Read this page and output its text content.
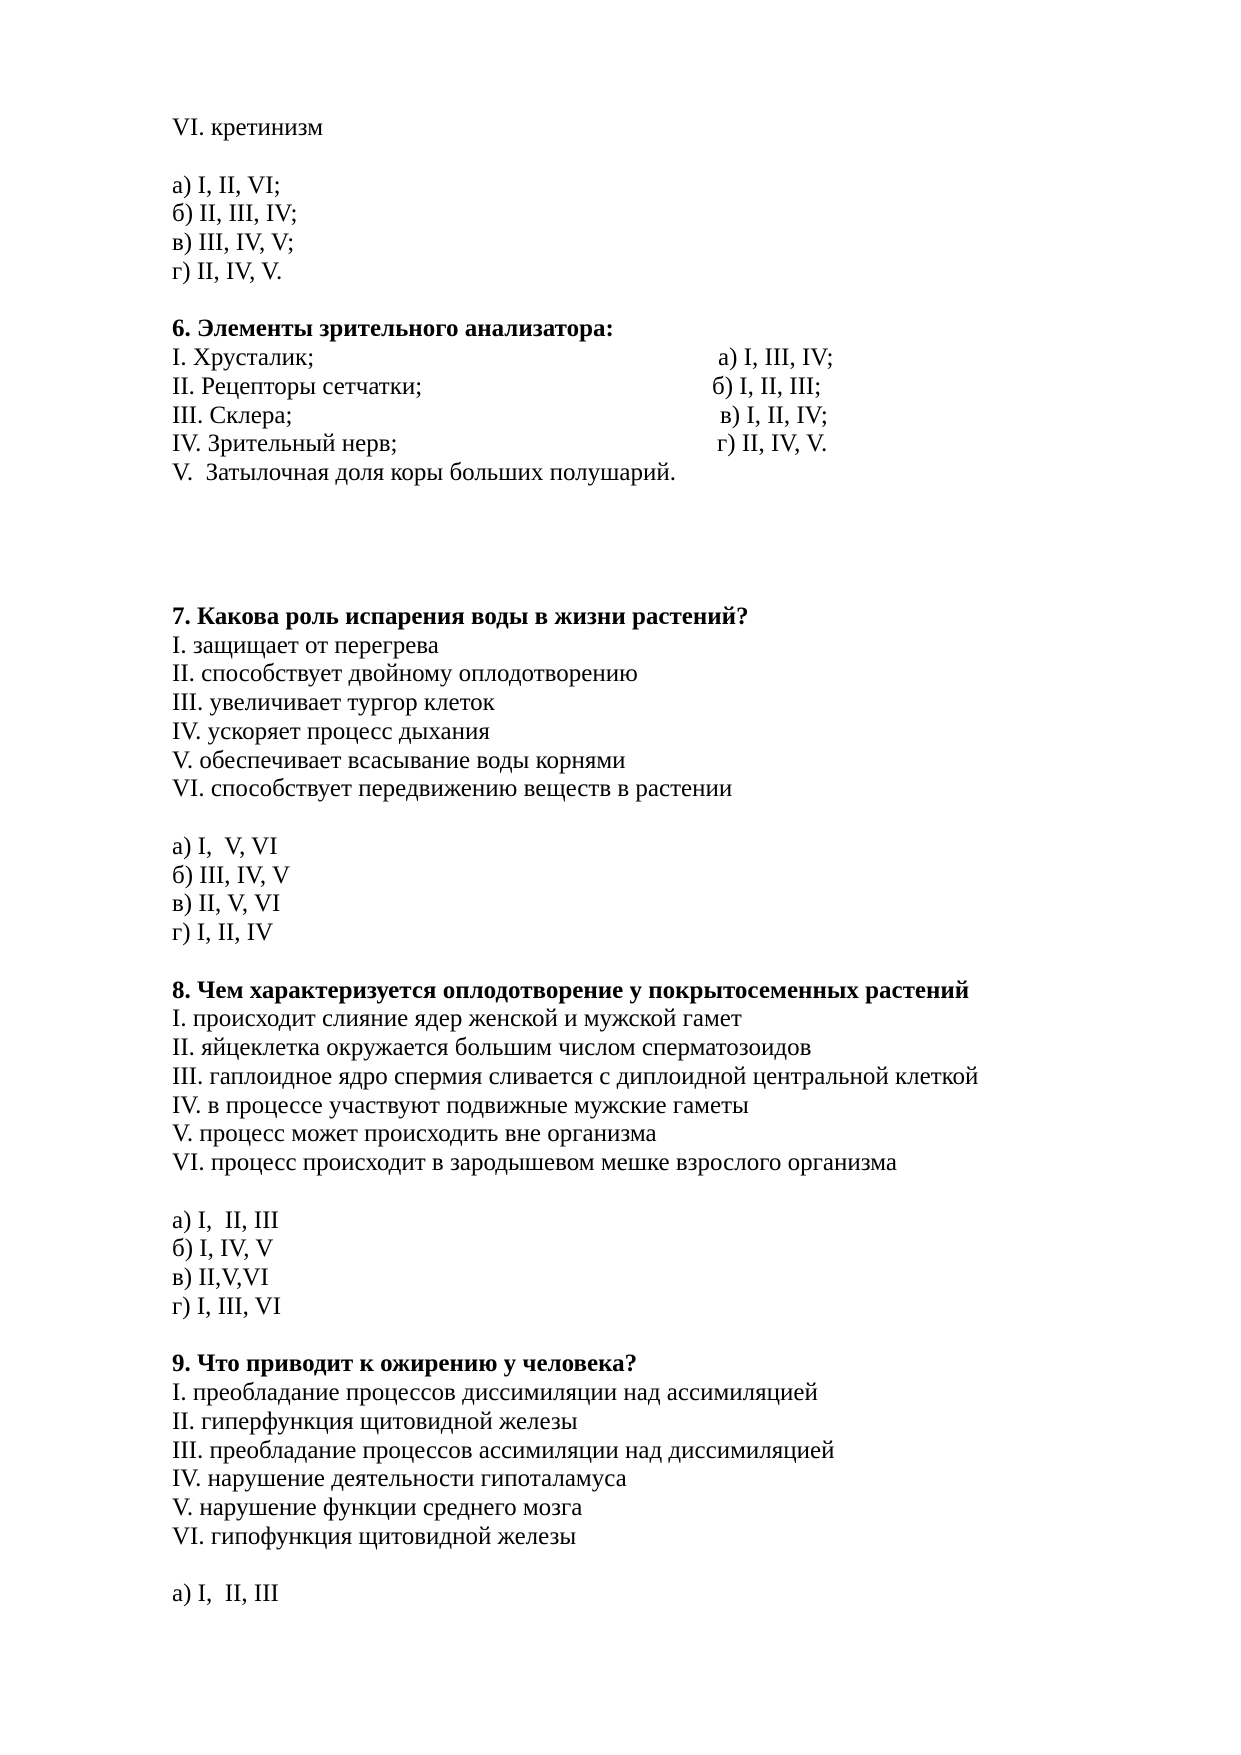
VI. кретинизм

а) I, II, VI;

б) II, III, IV;

в) III, IV, V;

г) II, IV, V.

6. Элементы зрительного анализатора:

I. Хрусталик;	а) I, III, IV;
II. Рецепторы сетчатки;	б) I, II, III;
III. Склера;	в) I, II, IV;
IV. Зрительный нерв;	г) II, IV, V.

V.  Затылочная доля коры больших полушарий.

7. Какова роль испарения воды в жизни растений?

I. защищает от перегрева

II. способствует двойному оплодотворению

III. увеличивает тургор клеток

IV. ускоряет процесс дыхания

V. обеспечивает всасывание воды корнями

VI. способствует передвижению веществ в растении

а) I,  V, VI

б) III, IV, V

в) II, V, VI

г) I, II, IV

8. Чем характеризуется оплодотворение у покрытосеменных растений

I. происходит слияние ядер женской и мужской гамет

II. яйцеклетка окружается большим числом сперматозоидов

III. гаплоидное ядро спермия сливается с диплоидной центральной клеткой

IV. в процессе участвуют подвижные мужские гаметы

V. процесс может происходить вне организма

VI. процесс происходит в зародышевом мешке взрослого организма

а) I,  II, III

б) I, IV, V

в) II,V,VI

г) I, III, VI

9. Что приводит к ожирению у человека?

I. преобладание процессов диссимиляции над ассимиляцией

II. гиперфункция щитовидной железы

III. преобладание процессов ассимиляции над диссимиляцией

IV. нарушение деятельности гипоталамуса

V. нарушение функции среднего мозга

VI. гипофункция щитовидной железы

а) I,  II, III
